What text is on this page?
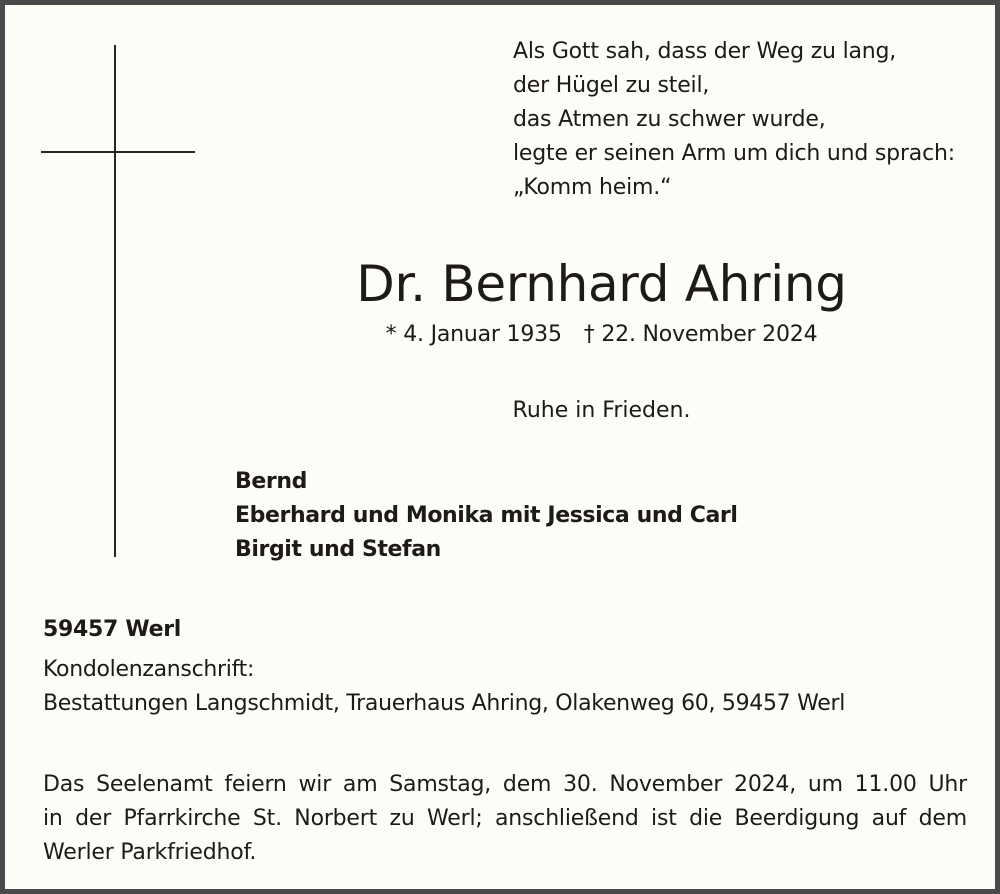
Als Gott sah, dass der Weg zu lang,
der Hügel zu steil,
das Atmen zu schwer wurde,
legte er seinen Arm um dich und sprach:
„Komm heim.“
Dr. Bernhard Ahring
* 4. Januar 1935 † 22. November 2024
Ruhe in Frieden.
Bernd
Eberhard und Monika mit Jessica und Carl
Birgit und Stefan
59457 Werl
Kondolenzanschrift:
Bestattungen Langschmidt, Trauerhaus Ahring, Olakenweg 60, 59457 Werl
Das Seelenamt feiern wir am Samstag, dem 30. November 2024, um 11.00 Uhr
in der Pfarrkirche St. Norbert zu Werl; anschließend ist die Beerdigung auf dem
Werler Parkfriedhof.
